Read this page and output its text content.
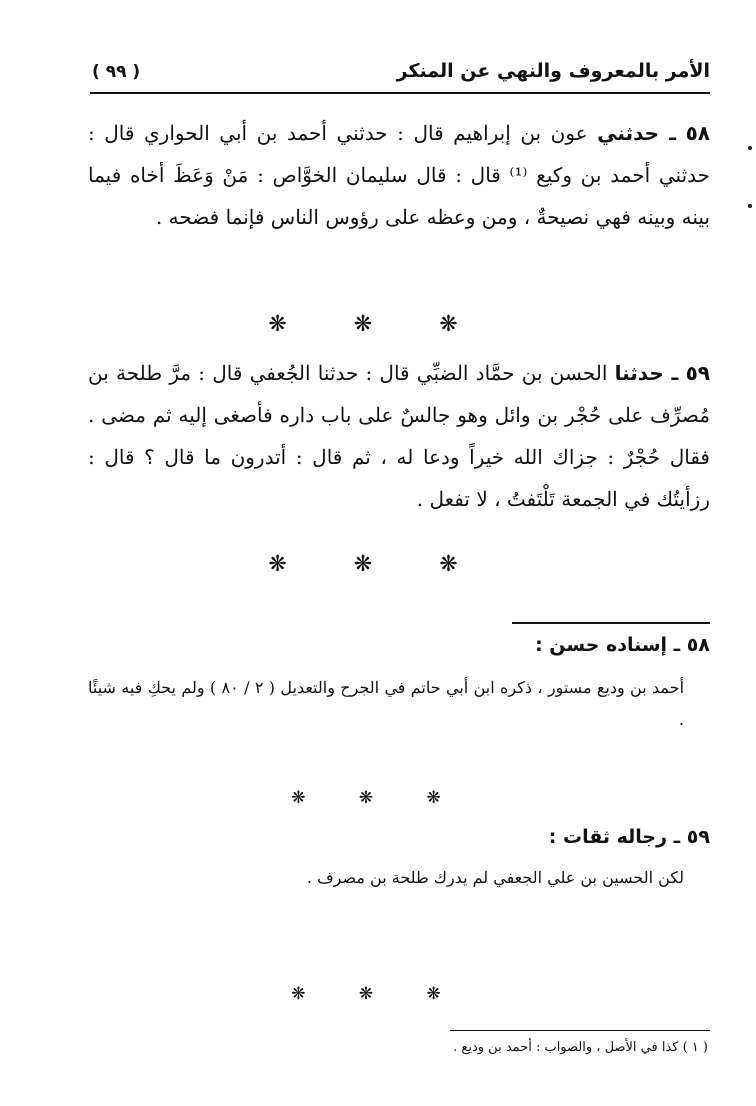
الأمر بالمعروف والنهي عن المنكر
( ٩٩ )

٥٨ ـ حدثني عون بن إبراهيم قال : حدثني أحمد بن أبي الحواري قال : حدثني أحمد بن وكيع ⁽¹⁾ قال : قال سليمان الخوَّاص : مَنْ وَعَظَ أخاه فيما بينه وبينه فهي نصيحةٌ ، ومن وعظه على رؤوس الناس فإنما فضحه .

❋ ❋ ❋

٥٩ ـ حدثنا الحسن بن حمَّاد الضبِّي قال : حدثنا الجُعفي قال : مرَّ طلحة بن مُصرِّف على حُجْر بن وائل وهو جالسٌ على باب داره فأصغى إليه ثم مضى . فقال حُجْرٌ : جزاك الله خيراً ودعا له ، ثم قال : أتدرون ما قال ؟ قال : رزأيتُك في الجمعة تَلْتَفتُ ، لا تفعل .

❋ ❋ ❋
٥٨ ـ إسناده حسن :
أحمد بن وديع مستور ، ذكره ابن أبي حاتم في الجرح والتعديل ( ٢ / ٨٠ ) ولم يحكِ فيه شيئًا .
❋ ❋ ❋
٥٩ ـ رجاله ثقات :
لكن الحسين بن علي الجعفي لم يدرك طلحة بن مصرف .
❋ ❋ ❋
( ١ ) كذا في الأصل ، والصواب : أحمد بن وديع .
